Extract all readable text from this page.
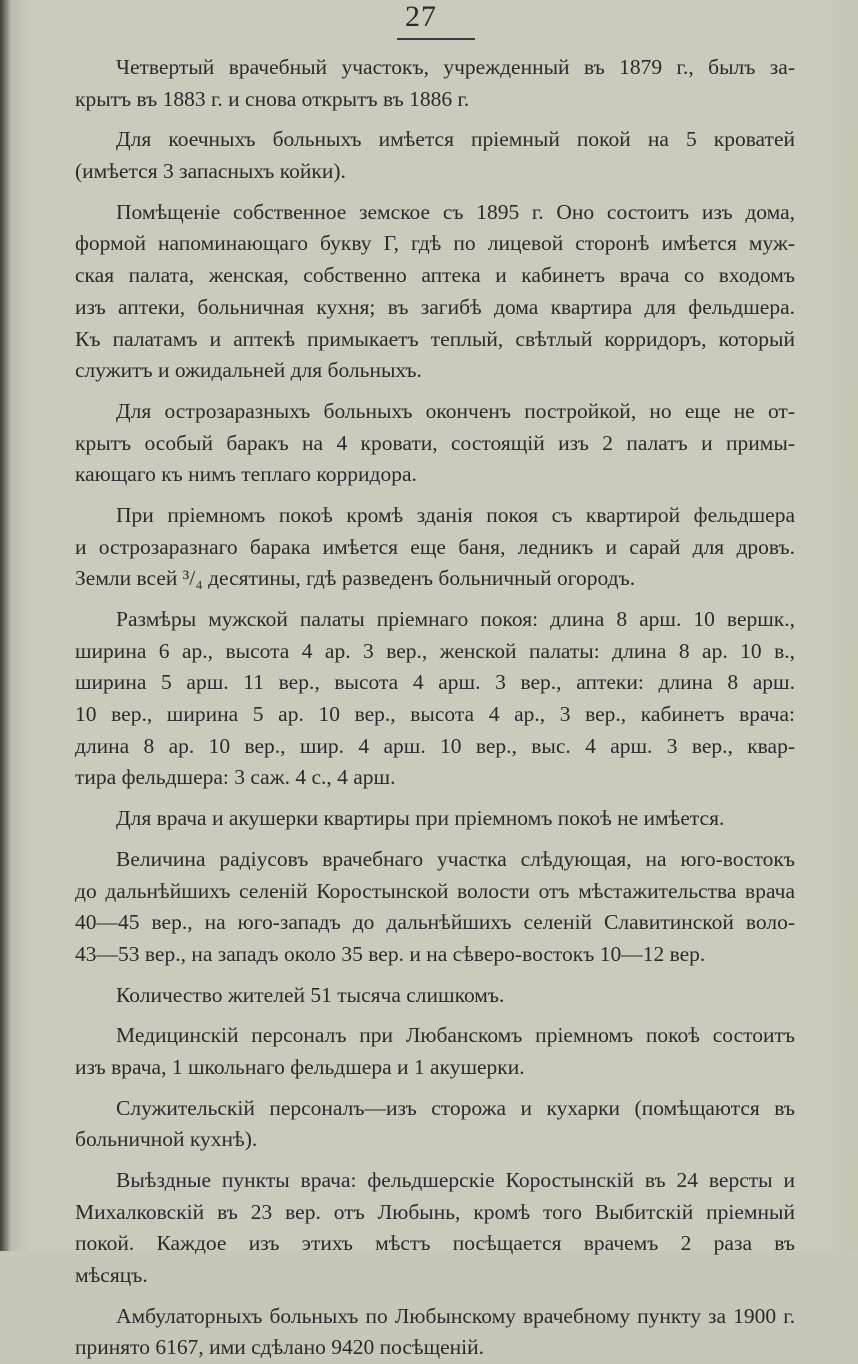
27
Четвертый врачебный участокъ, учрежденный въ 1879 г., былъ за-
крытъ въ 1883 г. и снова открытъ въ 1886 г.
Для коечныхъ больныхъ имѣется пріемный покой на 5 кроватей
(имѣется 3 запасныхъ койки).
Помѣщеніе собственное земское съ 1895 г. Оно состоитъ изъ дома,
формой напоминающаго букву Г, гдѣ по лицевой сторонѣ имѣется муж-
ская палата, женская, собственно аптека и кабинетъ врача со входомъ
изъ аптеки, больничная кухня; въ загибѣ дома квартира для фельдшера.
Къ палатамъ и аптекѣ примыкаетъ теплый, свѣтлый корридоръ, который
служитъ и ожидальней для больныхъ.
Для острозаразныхъ больныхъ оконченъ постройкой, но еще не от-
крытъ особый баракъ на 4 кровати, состоящій изъ 2 палатъ и примы-
кающаго къ нимъ теплаго корридора.
При пріемномъ покоѣ кромѣ зданія покоя съ квартирой фельдшера
и острозаразнаго барака имѣется еще баня, ледникъ и сарай для дровъ.
Земли всей ³/₄ десятины, гдѣ разведенъ больничный огородъ.
Размѣры мужской палаты пріемнаго покоя: длина 8 арш. 10 вершк.,
ширина 6 ар., высота 4 ар. 3 вер., женской палаты: длина 8 ар. 10 в.,
ширина 5 арш. 11 вер., высота 4 арш. 3 вер., аптеки: длина 8 арш.
10 вер., ширина 5 ар. 10 вер., высота 4 ар., 3 вер., кабинетъ врача:
длина 8 ар. 10 вер., шир. 4 арш. 10 вер., выс. 4 арш. 3 вер., квар-
тира фельдшера: 3 саж. 4 с., 4 арш.
Для врача и акушерки квартиры при пріемномъ покоѣ не имѣется.
Величина радіусовъ врачебнаго участка слѣдующая, на юго-востокъ
до дальнѣйшихъ селеній Коростынской волости отъ мѣстажительства врача
40—45 вер., на юго-западъ до дальнѣйшихъ селеній Славитинской воло-
43—53 вер., на западъ около 35 вер. и на сѣверо-востокъ 10—12 вер.
Количество жителей 51 тысяча слишкомъ.
Медицинскій персоналъ при Любанскомъ пріемномъ покоѣ состоитъ
изъ врача, 1 школьнаго фельдшера и 1 акушерки.
Служительскій персоналъ—изъ сторожа и кухарки (помѣщаются въ
больничной кухнѣ).
Выѣздные пункты врача: фельдшерскіе Коростынскій въ 24 версты и
Михалковскій въ 23 вер. отъ Любынь, кромѣ того Выбитскій пріемный
покой. Каждое изъ этихъ мѣстъ посѣщается врачемъ 2 раза въ
мѣсяцъ.
Амбулаторныхъ больныхъ по Любынскому врачебному пункту за 1900 г.
принято 6167, ими сдѣлано 9420 посѣщеній.
